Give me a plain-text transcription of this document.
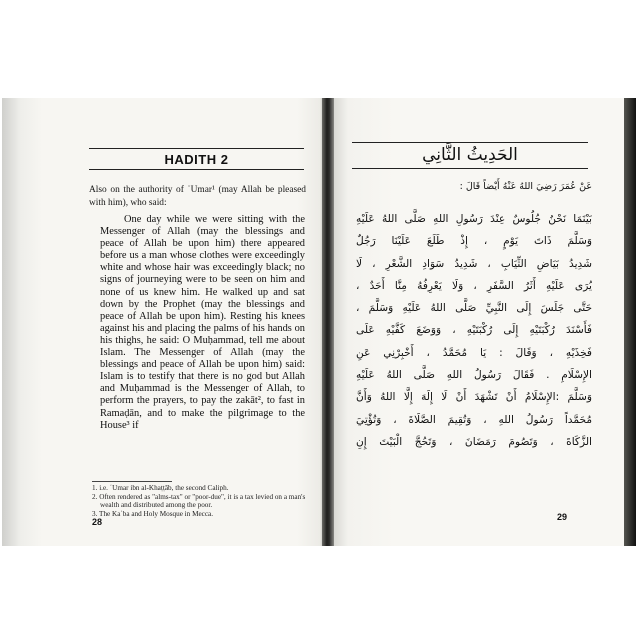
HADITH 2
Also on the authority of ʿUmar¹ (may Allah be pleased with him), who said:
One day while we were sitting with the Messenger of Allah (may the blessings and peace of Allah be upon him) there appeared before us a man whose clothes were exceedingly white and whose hair was exceedingly black; no signs of journeying were to be seen on him and none of us knew him. He walked up and sat down by the Prophet (may the blessings and peace of Allah be upon him). Resting his knees against his and placing the palms of his hands on his thighs, he said: O Muḥammad, tell me about Islam. The Messenger of Allah (may the blessings and peace of Allah be upon him) said: Islam is to testify that there is no god but Allah and Muḥammad is the Messenger of Allah, to perform the prayers, to pay the zakāt², to fast in Ramaḍān, and to make the pilgrimage to the House³ if
1. i.e. ʿUmar ibn al-Khaṭṭāb, the second Caliph.
2. Often rendered as "alms-tax" or "poor-due", it is a tax levied on a man's wealth and distributed among the poor.
3. The Kaʿba and Holy Mosque in Mecca.
28
الحَدِيثُ الثَّانِي
عَنْ عُمَرَ رَضِيَ اللهُ عَنْهُ أَيْضاً قَالَ :
بَيْنَمَا نَحْنُ جُلُوسٌ عِنْدَ رَسُولِ اللهِ صَلَّى اللهُ عَلَيْهِ
وَسَلَّمَ ذَاتَ يَوْمٍ ، إِذْ طَلَعَ عَلَيْنَا رَجُلٌ
شَدِيدُ بَيَاضِ الثِّيَابِ ، شَدِيدُ سَوَادِ الشَّعْرِ ، لَا
يُرَى عَلَيْهِ أَثَرُ السَّفَرِ ، وَلَا يَعْرِفُهُ مِنَّا أَحَدٌ ،
حَتَّى جَلَسَ إِلَى النَّبِيِّ صَلَّى اللهُ عَلَيْهِ وَسَلَّمَ ،
فَأَسْنَدَ رُكْبَتَيْهِ إِلَى رُكْبَتَيْهِ ، وَوَضَعَ كَفَّيْهِ عَلَى
فَخِذَيْهِ ، وَقَالَ : يَا مُحَمَّدُ ، أَخْبِرْنِي عَنِ
الإِسْلَامِ . فَقَالَ رَسُولُ اللهِ صَلَّى اللهُ عَلَيْهِ
وَسَلَّمَ :الإِسْلَامُ أَنْ تَشْهَدَ أَنْ لَا إِلَهَ إِلَّا اللهُ وَأَنَّ
مُحَمَّداً رَسُولُ اللهِ ، وَتُقِيمَ الصَّلَاةَ ، وَتُؤْتِيَ
الزَّكَاةَ ، وَتَصُومَ رَمَضَانَ ، وَتَحُجَّ الْبَيْتَ إِنِ
29
